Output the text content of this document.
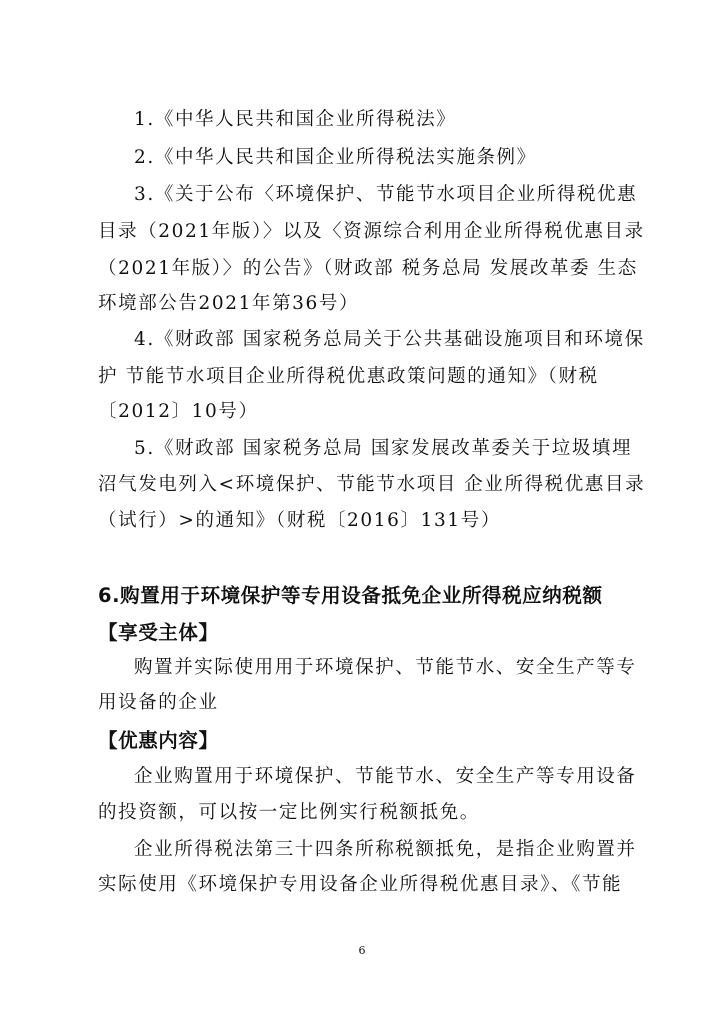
1.《中华人民共和国企业所得税法》
2.《中华人民共和国企业所得税法实施条例》
3.《关于公布〈环境保护、节能节水项目企业所得税优惠
目录（2021年版）〉以及〈资源综合利用企业所得税优惠目录
（2021年版）〉的公告》（财政部 税务总局 发展改革委 生态
环境部公告2021年第36号）
4.《财政部 国家税务总局关于公共基础设施项目和环境保
护 节能节水项目企业所得税优惠政策问题的通知》（财税
〔2012〕10号）
5.《财政部 国家税务总局 国家发展改革委关于垃圾填埋
沼气发电列入<环境保护、节能节水项目 企业所得税优惠目录
（试行）>的通知》（财税〔2016〕131号）
6.购置用于环境保护等专用设备抵免企业所得税应纳税额
【享受主体】
购置并实际使用用于环境保护、节能节水、安全生产等专
用设备的企业
【优惠内容】
企业购置用于环境保护、节能节水、安全生产等专用设备
的投资额，可以按一定比例实行税额抵免。
企业所得税法第三十四条所称税额抵免，是指企业购置并
实际使用《环境保护专用设备企业所得税优惠目录》、《节能
6
